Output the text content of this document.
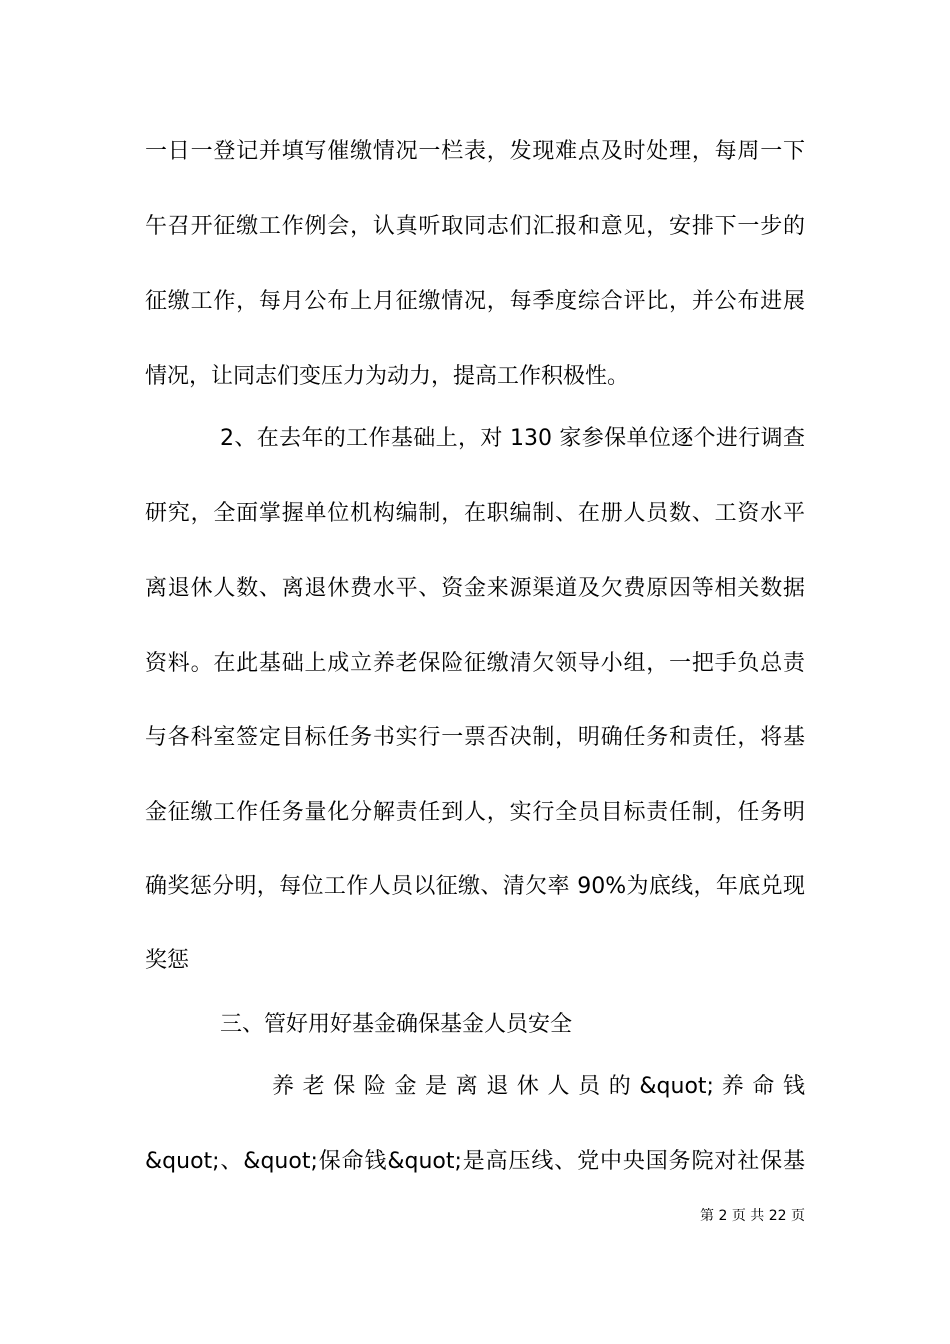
一日一登记并填写催缴情况一栏表，发现难点及时处理，每周一下
午召开征缴工作例会，认真听取同志们汇报和意见，安排下一步的
征缴工作，每月公布上月征缴情况，每季度综合评比，并公布进展
情况，让同志们变压力为动力，提高工作积极性。
2、在去年的工作基础上，对 130 家参保单位逐个进行调查
研究，全面掌握单位机构编制，在职编制、在册人员数、工资水平
离退休人数、离退休费水平、资金来源渠道及欠费原因等相关数据
资料。在此基础上成立养老保险征缴清欠领导小组，一把手负总责
与各科室签定目标任务书实行一票否决制，明确任务和责任，将基
金征缴工作任务量化分解责任到人，实行全员目标责任制，任务明
确奖惩分明，每位工作人员以征缴、清欠率 90%为底线，年底兑现
奖惩
三、管好用好基金确保基金人员安全
养 老 保 险 金 是 离 退 休 人 员 的 &quot; 养 命 钱
&quot;、&quot;保命钱&quot;是高压线、党中央国务院对社保基
第 2 页 共 22 页
